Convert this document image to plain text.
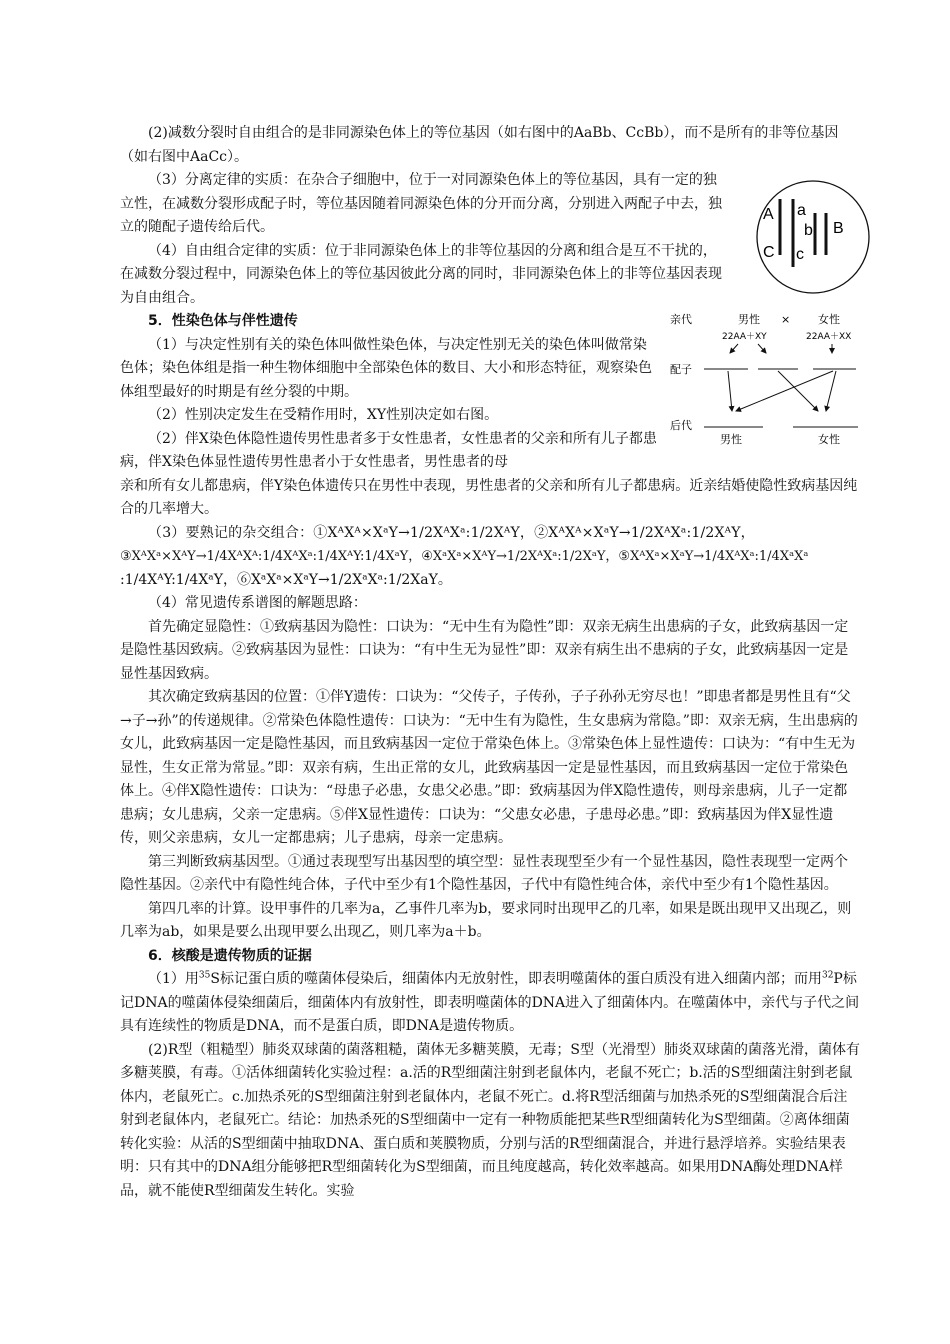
(2)减数分裂时自由组合的是非同源染色体上的等位基因（如右图中的AaBb、CcBb），而不是所有的非等位基因（如右图中AaCc）。

（3）分离定律的实质：在杂合子细胞中，位于一对同源染色体上的等位基因，具有一定的独立性，在减数分裂形成配子时，等位基因随着同源染色体的分开而分离，分别进入两配子中去，独立的随配子遗传给后代。

（4）自由组合定律的实质：位于非同源染色体上的非等位基因的分离和组合是互不干扰的，在减数分裂过程中，同源染色体上的等位基因彼此分离的同时，非同源染色体上的非等位基因表现为自由组合。

5．性染色体与伴性遗传

（1）与决定性别有关的染色体叫做性染色体，与决定性别无关的染色体叫做常染色体；染色体组是指一种生物体细胞中全部染色体的数目、大小和形态特征，观察染色体组型最好的时期是有丝分裂的中期。

（2）性别决定发生在受精作用时，XY性别决定如右图。

（2）伴X染色体隐性遗传男性患者多于女性患者，女性患者的父亲和所有儿子都患病，伴X染色体显性遗传男性患者小于女性患者，男性患者的母

亲和所有女儿都患病，伴Y染色体遗传只在男性中表现，男性患者的父亲和所有儿子都患病。近亲结婚使隐性致病基因纯合的几率增大。

（3）要熟记的杂交组合：①XᴬXᴬ×XᵃY→1/2XᴬXᵃ:1/2XᴬY，②XᴬXᴬ×XᵃY→1/2XᴬXᵃ:1/2XᴬY，

③XᴬXᵃ×XᴬY→1/4XᴬXᴬ:1/4XᴬXᵃ:1/4XᴬY:1/4XᵃY，④XᵃXᵃ×XᴬY→1/2XᴬXᵃ:1/2XᵃY，⑤XᴬXᵃ×XᵃY→1/4XᴬXᵃ:1/4XᵃXᵃ

:1/4XᴬY:1/4XᵃY，⑥XᵃXᵃ×XᵃY→1/2XᵃXᵃ:1/2XaY。

（4）常见遗传系谱图的解题思路：

首先确定显隐性：①致病基因为隐性：口诀为：“无中生有为隐性”即：双亲无病生出患病的子女，此致病基因一定是隐性基因致病。②致病基因为显性：口诀为：“有中生无为显性”即：双亲有病生出不患病的子女，此致病基因一定是显性基因致病。

其次确定致病基因的位置：①伴Y遗传：口诀为：“父传子，子传孙，子子孙孙无穷尽也！”即患者都是男性且有“父→子→孙”的传递规律。②常染色体隐性遗传：口诀为：“无中生有为隐性，生女患病为常隐。”即：双亲无病，生出患病的女儿，此致病基因一定是隐性基因，而且致病基因一定位于常染色体上。③常染色体上显性遗传：口诀为：“有中生无为显性，生女正常为常显。”即：双亲有病，生出正常的女儿，此致病基因一定是显性基因，而且致病基因一定位于常染色体上。④伴X隐性遗传：口诀为：“母患子必患，女患父必患。”即：致病基因为伴X隐性遗传，则母亲患病，儿子一定都患病；女儿患病，父亲一定患病。⑤伴X显性遗传：口诀为：“父患女必患，子患母必患。”即：致病基因为伴X显性遗传，则父亲患病，女儿一定都患病；儿子患病，母亲一定患病。

第三判断致病基因型。①通过表现型写出基因型的填空型：显性表现型至少有一个显性基因，隐性表现型一定两个隐性基因。②亲代中有隐性纯合体，子代中至少有1个隐性基因，子代中有隐性纯合体，亲代中至少有1个隐性基因。

第四几率的计算。设甲事件的几率为a，乙事件几率为b，要求同时出现甲乙的几率，如果是既出现甲又出现乙，则几率为ab，如果是要么出现甲要么出现乙，则几率为a＋b。

6．核酸是遗传物质的证据

（1）用$^{35}$S标记蛋白质的噬菌体侵染后，细菌体内无放射性，即表明噬菌体的蛋白质没有进入细菌内部；而用$^{32}$P标记DNA的噬菌体侵染细菌后，细菌体内有放射性，即表明噬菌体的DNA进入了细菌体内。在噬菌体中，亲代与子代之间具有连续性的物质是DNA，而不是蛋白质，即DNA是遗传物质。

(2)R型（粗糙型）肺炎双球菌的菌落粗糙，菌体无多糖荚膜，无毒；S型（光滑型）肺炎双球菌的菌落光滑，菌体有多糖荚膜，有毒。①活体细菌转化实验过程：a.活的R型细菌注射到老鼠体内，老鼠不死亡；b.活的S型细菌注射到老鼠体内，老鼠死亡。c.加热杀死的S型细菌注射到老鼠体内，老鼠不死亡。d.将R型活细菌与加热杀死的S型细菌混合后注射到老鼠体内，老鼠死亡。结论：加热杀死的S型细菌中一定有一种物质能把某些R型细菌转化为S型细菌。②离体细菌转化实验：从活的S型细菌中抽取DNA、蛋白质和荚膜物质，分别与活的R型细菌混合，并进行悬浮培养。实验结果表明：只有其中的DNA组分能够把R型细菌转化为S型细菌，而且纯度越高，转化效率越高。如果用DNA酶处理DNA样品，就不能使R型细菌发生转化。实验

A a
b B
C c
亲代	男性 ×	女性
22AA＋XY	22AA＋XX
配子
后代
男性	女性
